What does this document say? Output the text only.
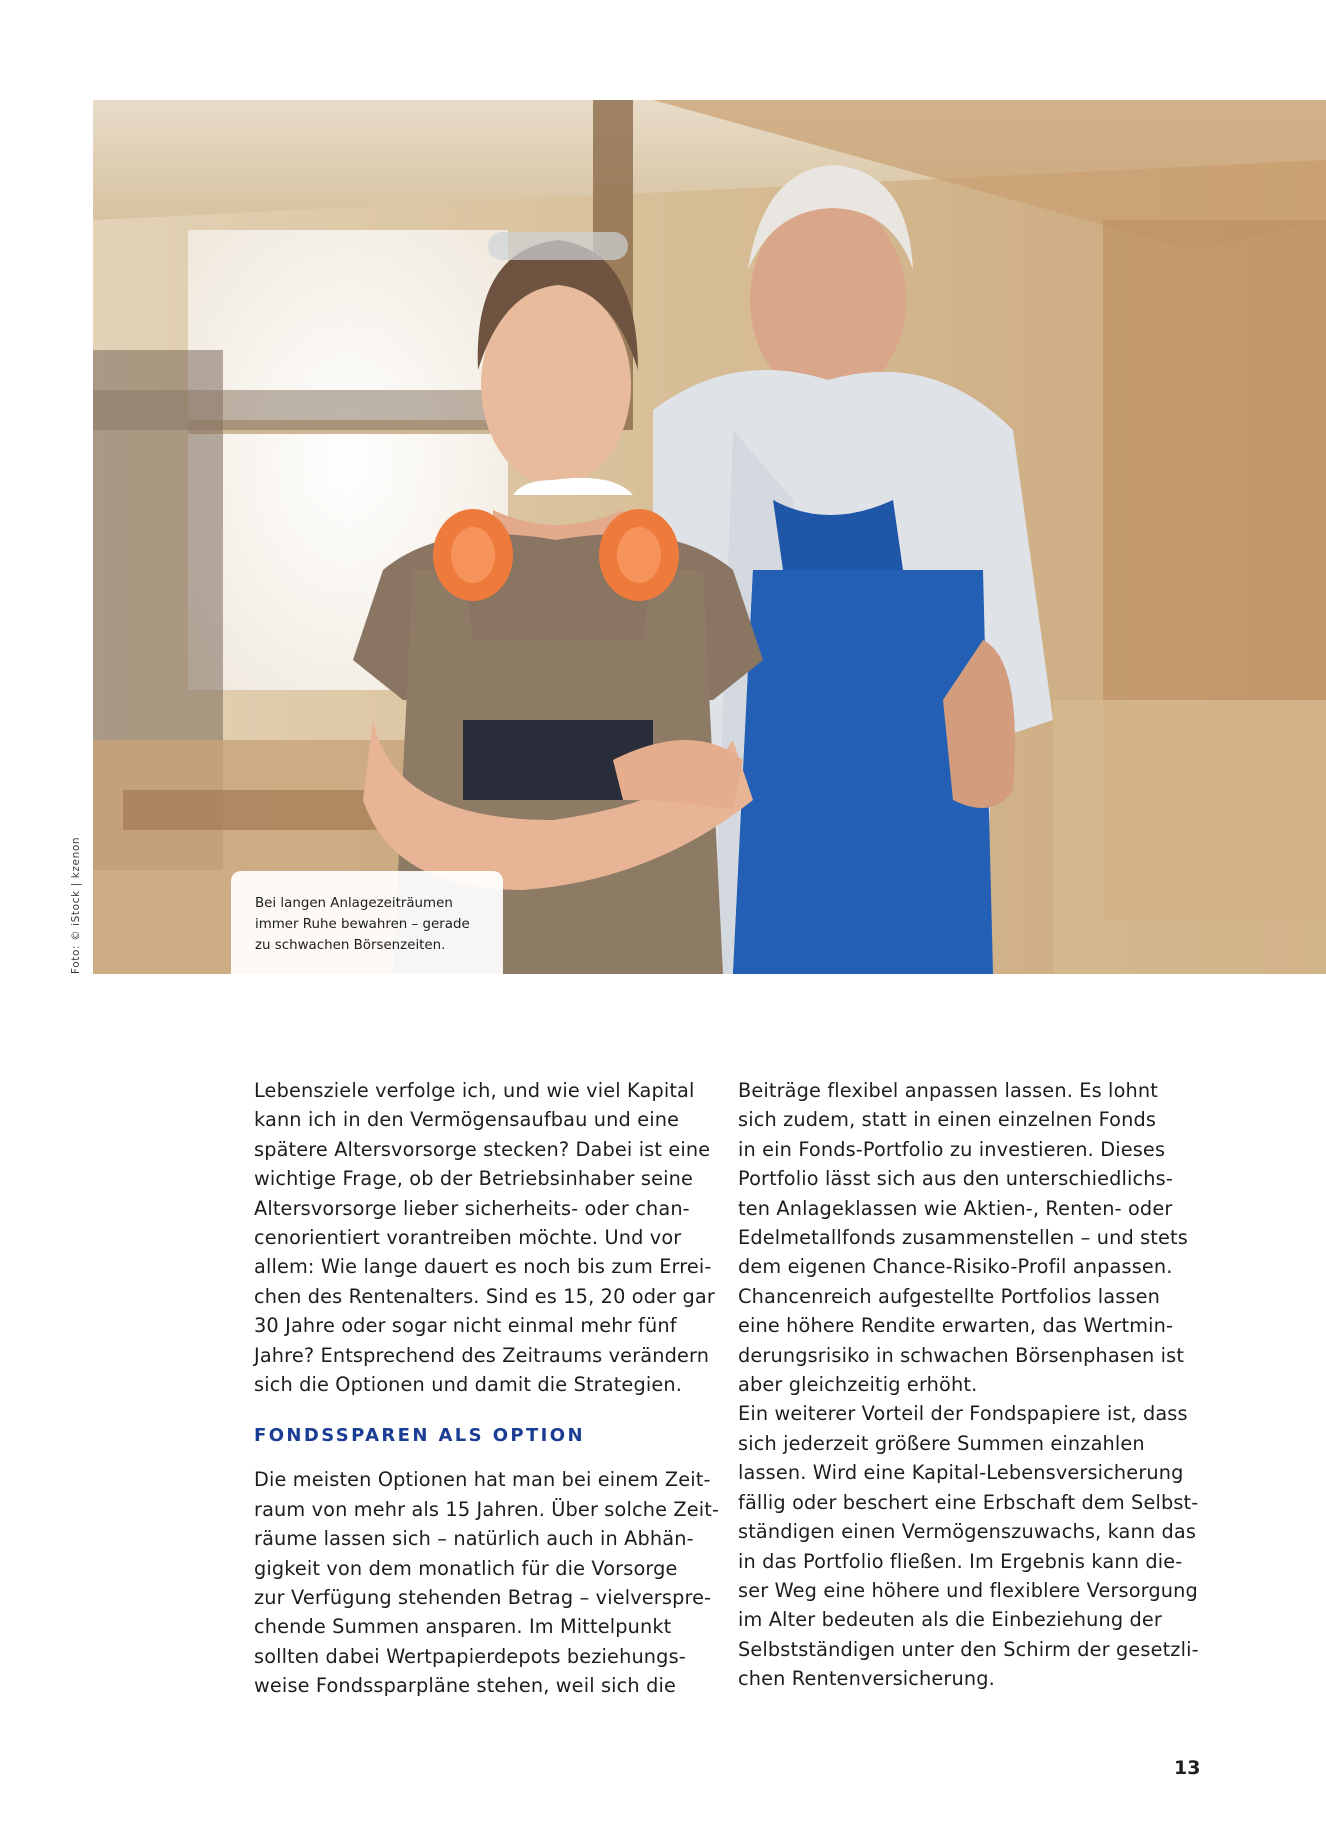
Foto: © iStock | kzenon	Bei langen Anlagezeiträumen
immer Ruhe bewahren – gerade
zu schwachen Börsenzeiten.
Lebensziele verfolge ich, und wie viel Kapital
kann ich in den Vermögensaufbau und eine
spätere Altersvorsorge stecken? Dabei ist eine
wichtige Frage, ob der Betriebsinhaber seine
Altersvorsorge lieber sicherheits- oder chan-
cenorientiert vorantreiben möchte. Und vor
allem: Wie lange dauert es noch bis zum Errei-
chen des Rentenalters. Sind es 15, 20 oder gar
30 Jahre oder sogar nicht einmal mehr fünf
Jahre? Entsprechend des Zeitraums verändern
sich die Optionen und damit die Strategien.
FONDSSPAREN ALS OPTION
Die meisten Optionen hat man bei einem Zeit-
raum von mehr als 15 Jahren. Über solche Zeit-
räume lassen sich – natürlich auch in Abhän-
gigkeit von dem monatlich für die Vorsorge
zur Verfügung stehenden Betrag – vielverspre-
chende Summen ansparen. Im Mittelpunkt
sollten dabei Wertpapierdepots beziehungs-
weise Fondssparpläne stehen, weil sich die
Beiträge flexibel anpassen lassen. Es lohnt
sich zudem, statt in einen einzelnen Fonds
in ein Fonds-Portfolio zu investieren. Dieses
Portfolio lässt sich aus den unterschiedlichs-
ten Anlageklassen wie Aktien-, Renten- oder
Edelmetallfonds zusammenstellen – und stets
dem eigenen Chance-Risiko-Profil anpassen.
Chancenreich aufgestellte Portfolios lassen
eine höhere Rendite erwarten, das Wertmin-
derungsrisiko in schwachen Börsenphasen ist
aber gleichzeitig erhöht.
Ein weiterer Vorteil der Fondspapiere ist, dass
sich jederzeit größere Summen einzahlen
lassen. Wird eine Kapital-Lebensversicherung
fällig oder beschert eine Erbschaft dem Selbst-
ständigen einen Vermögenszuwachs, kann das
in das Portfolio fließen. Im Ergebnis kann die-
ser Weg eine höhere und flexiblere Versorgung
im Alter bedeuten als die Einbeziehung der
Selbstständigen unter den Schirm der gesetzli-
chen Rentenversicherung.
13
